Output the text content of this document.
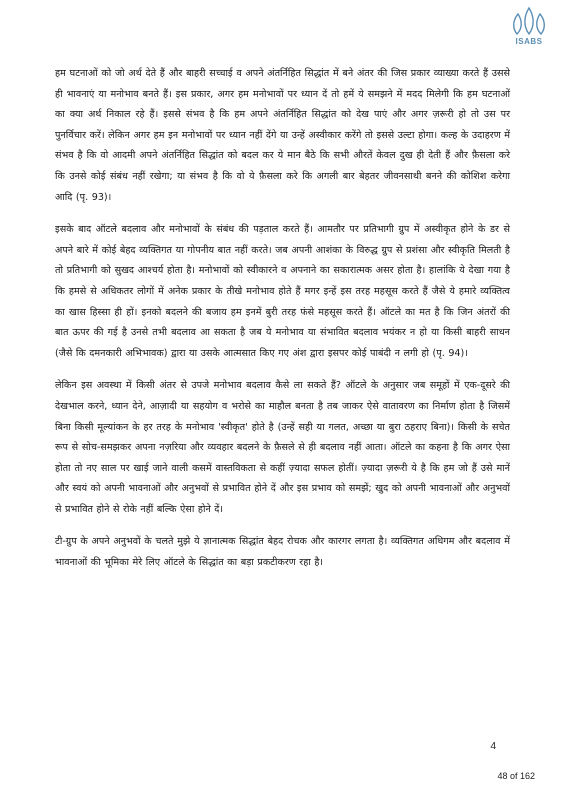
ISABS

हम घटनाओं को जो अर्थ देते हैं और बाहरी सच्चाई व अपने अंतर्निहित सिद्धांत में बने अंतर की जिस प्रकार व्याख्या करते हैं उससे ही भावनाएं या मनोभाव बनते हैं। इस प्रकार, अगर हम मनोभावों पर ध्यान दें तो हमें ये समझने में मदद मिलेगी कि हम घटनाओं का क्या अर्थ निकाल रहे हैं। इससे संभव है कि हम अपने अंतर्निहित सिद्धांत को देख पाएं और अगर ज़रूरी हो तो उस पर पुनर्विचार करें। लेकिन अगर हम इन मनोभावों पर ध्यान नहीं देंगे या उन्हें अस्वीकार करेंगे तो इससे उल्टा होगा। कल्ह के उदाहरण में संभव है कि वो आदमी अपने अंतर्निहित सिद्धांत को बदल कर ये मान बैठे कि सभी औरतें केवल दुख ही देती हैं और फ़ैसला करे कि उनसे कोई संबंध नहीं रखेगा; या संभव है कि वो ये फ़ैसला करे कि अगली बार बेहतर जीवनसाथी बनने की कोशिश करेगा आदि (पृ. 93)।

इसके बाद ऑटले बदलाव और मनोभावों के संबंध की पड़ताल करते हैं। आमतौर पर प्रतिभागी ग्रुप में अस्वीकृत होने के डर से अपने बारे में कोई बेहद व्यक्तिगत या गोपनीय बात नहीं करते। जब अपनी आशंका के विरुद्ध ग्रुप से प्रशंसा और स्वीकृति मिलती है तो प्रतिभागी को सुखद आश्चर्य होता है। मनोभावों को स्वीकारने व अपनाने का सकारात्मक असर होता है। हालांकि ये देखा गया है कि हमसे से अधिकतर लोगों में अनेक प्रकार के तीखे मनोभाव होते हैं मगर इन्हें इस तरह महसूस करते हैं जैसे ये हमारे व्यक्तित्व का खास हिस्सा ही हों। इनको बदलने की बजाय हम इनमें बुरी तरह फंसे महसूस करते हैं। ऑटले का मत है कि जिन अंतरों की बात ऊपर की गई है उनसे तभी बदलाव आ सकता है जब ये मनोभाव या संभावित बदलाव भयंकर न हो या किसी बाहरी साधन (जैसे कि दमनकारी अभिभावक) द्वारा या उसके आत्मसात किए गए अंश द्वारा इसपर कोई पाबंदी न लगी हो (पृ. 94)।

लेकिन इस अवस्था में किसी अंतर से उपजे मनोभाव बदलाव कैसे ला सकते हैं? ऑटले के अनुसार जब समूहों में एक-दूसरे की देखभाल करने, ध्यान देने, आज़ादी या सहयोग व भरोसे का माहौल बनता है तब जाकर ऐसे वातावरण का निर्माण होता है जिसमें बिना किसी मूल्यांकन के हर तरह के मनोभाव 'स्वीकृत' होते है (उन्हें सही या गलत, अच्छा या बुरा ठहराए बिना)। किसी के सचेत रूप से सोच-समझकर अपना नज़रिया और व्यवहार बदलने के फ़ैसले से ही बदलाव नहीं आता। ऑटले का कहना है कि अगर ऐसा होता तो नए साल पर खाई जाने वाली कसमें वास्तविकता से कहीं ज़्यादा सफल होतीं। ज़्यादा ज़रूरी ये है कि हम जो हैं उसे मानें और स्वयं को अपनी भावनाओं और अनुभवों से प्रभावित होने दें और इस प्रभाव को समझें; खुद को अपनी भावनाओं और अनुभवों से प्रभावित होने से रोके नहीं बल्कि ऐसा होने दें।

टी-ग्रुप के अपने अनुभवों के चलते मुझे ये ज्ञानात्मक सिद्धांत बेहद रोचक और कारगर लगता है। व्यक्तिगत अधिगम और बदलाव में भावनाओं की भूमिका मेरे लिए ऑटले के सिद्धांत का बड़ा प्रकटीकरण रहा है।

4
48 of 162
